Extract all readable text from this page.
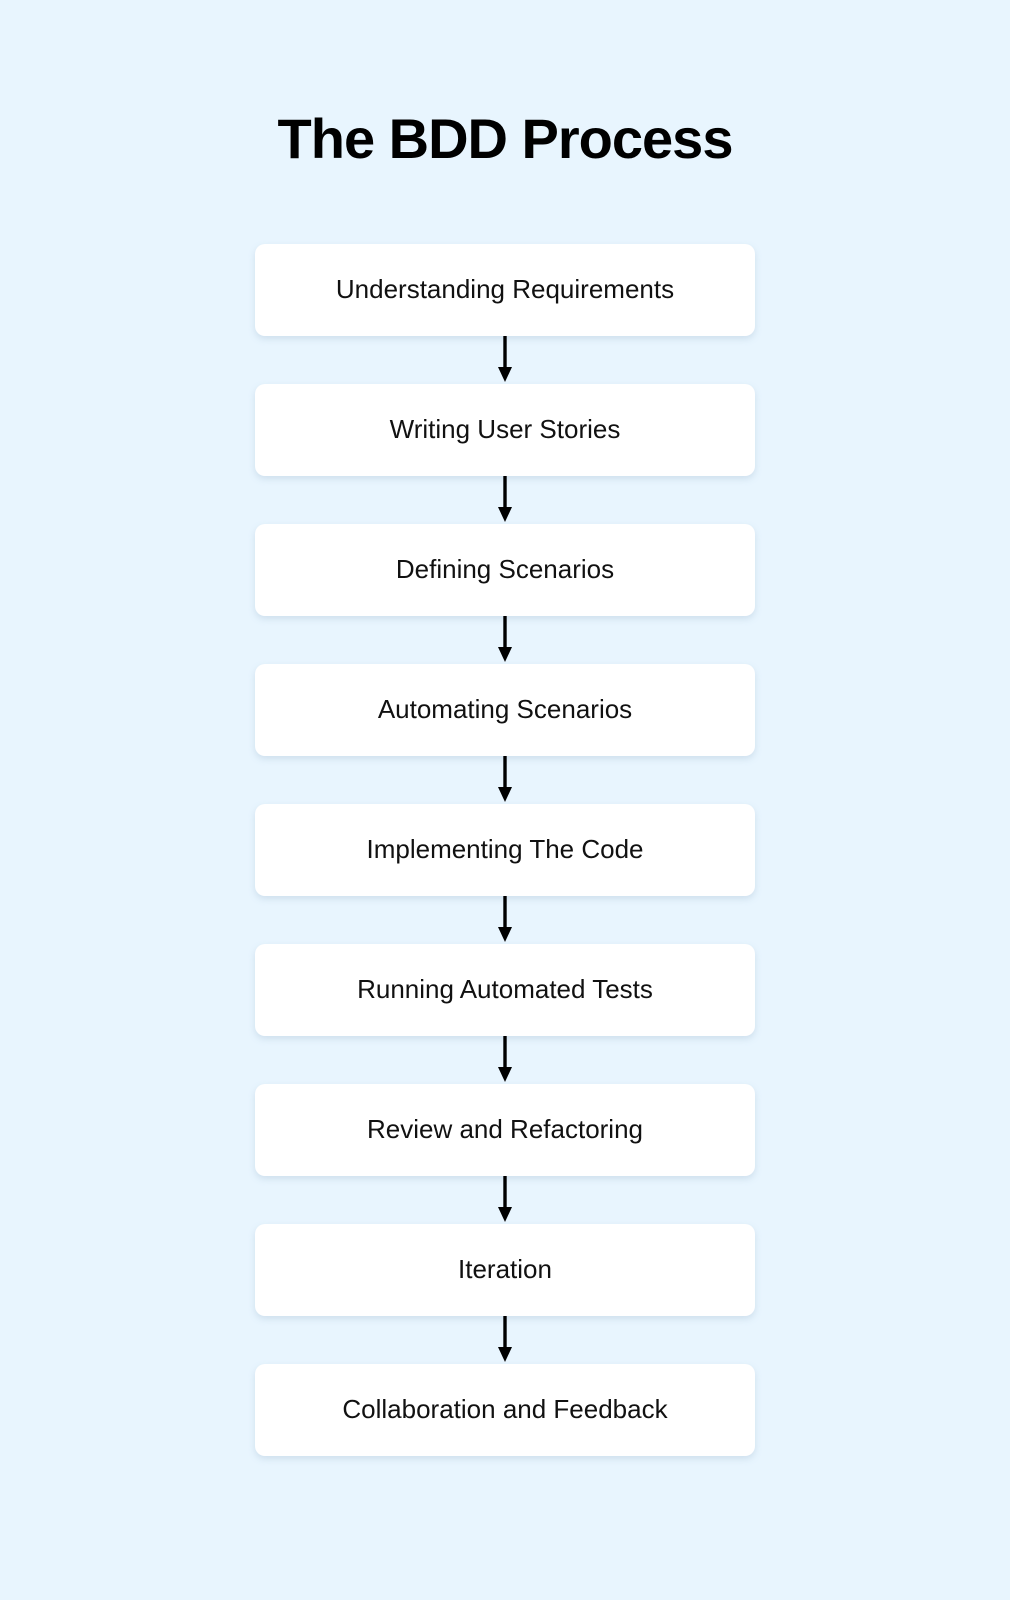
The BDD Process
Understanding Requirements
Writing User Stories
Defining Scenarios
Automating Scenarios
Implementing The Code
Running Automated Tests
Review and Refactoring
Iteration
Collaboration and Feedback
